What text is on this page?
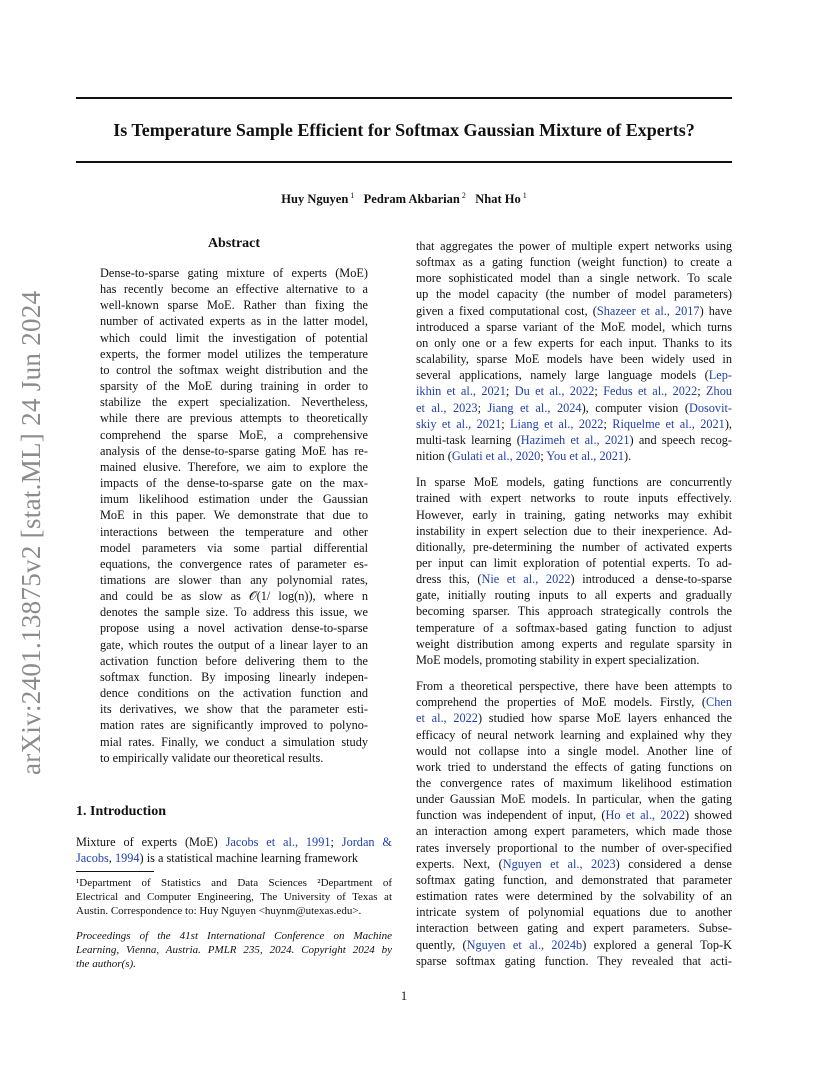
Is Temperature Sample Efficient for Softmax Gaussian Mixture of Experts?
Huy Nguyen $^1$ Pedram Akbarian $^2$ Nhat Ho $^1$
arXiv:2401.13875v2 [stat.ML] 24 Jun 2024
Abstract
Dense-to-sparse gating mixture of experts (MoE)
has recently become an effective alternative to a
well-known sparse MoE. Rather than fixing the
number of activated experts as in the latter model,
which could limit the investigation of potential
experts, the former model utilizes the temperature
to control the softmax weight distribution and the
sparsity of the MoE during training in order to
stabilize the expert specialization. Nevertheless,
while there are previous attempts to theoretically
comprehend the sparse MoE, a comprehensive
analysis of the dense-to-sparse gating MoE has re-
mained elusive. Therefore, we aim to explore the
impacts of the dense-to-sparse gate on the max-
imum likelihood estimation under the Gaussian
MoE in this paper. We demonstrate that due to
interactions between the temperature and other
model parameters via some partial differential
equations, the convergence rates of parameter es-
timations are slower than any polynomial rates,
and could be as slow as 𝒪(1/ log(n)), where n
denotes the sample size. To address this issue, we
propose using a novel activation dense-to-sparse
gate, which routes the output of a linear layer to an
activation function before delivering them to the
softmax function. By imposing linearly indepen-
dence conditions on the activation function and
its derivatives, we show that the parameter esti-
mation rates are significantly improved to polyno-
mial rates. Finally, we conduct a simulation study
to empirically validate our theoretical results.
1. Introduction
Mixture of experts (MoE) Jacobs et al., 1991; Jordan &
Jacobs, 1994) is a statistical machine learning framework
¹Department of Statistics and Data Sciences ²Department of
Electrical and Computer Engineering, The University of Texas at
Austin. Correspondence to: Huy Nguyen <huynm@utexas.edu>.
Proceedings of the 41st International Conference on Machine
Learning, Vienna, Austria. PMLR 235, 2024. Copyright 2024 by
the author(s).
1
that aggregates the power of multiple expert networks using
softmax as a gating function (weight function) to create a
more sophisticated model than a single network. To scale
up the model capacity (the number of model parameters)
given a fixed computational cost, (Shazeer et al., 2017) have
introduced a sparse variant of the MoE model, which turns
on only one or a few experts for each input. Thanks to its
scalability, sparse MoE models have been widely used in
several applications, namely large language models (Lep-
ikhin et al., 2021; Du et al., 2022; Fedus et al., 2022; Zhou
et al., 2023; Jiang et al., 2024), computer vision (Dosovit-
skiy et al., 2021; Liang et al., 2022; Riquelme et al., 2021),
multi-task learning (Hazimeh et al., 2021) and speech recog-
nition (Gulati et al., 2020; You et al., 2021).
In sparse MoE models, gating functions are concurrently
trained with expert networks to route inputs effectively.
However, early in training, gating networks may exhibit
instability in expert selection due to their inexperience. Ad-
ditionally, pre-determining the number of activated experts
per input can limit exploration of potential experts. To ad-
dress this, (Nie et al., 2022) introduced a dense-to-sparse
gate, initially routing inputs to all experts and gradually
becoming sparser. This approach strategically controls the
temperature of a softmax-based gating function to adjust
weight distribution among experts and regulate sparsity in
MoE models, promoting stability in expert specialization.
From a theoretical perspective, there have been attempts to
comprehend the properties of MoE models. Firstly, (Chen
et al., 2022) studied how sparse MoE layers enhanced the
efficacy of neural network learning and explained why they
would not collapse into a single model. Another line of
work tried to understand the effects of gating functions on
the convergence rates of maximum likelihood estimation
under Gaussian MoE models. In particular, when the gating
function was independent of input, (Ho et al., 2022) showed
an interaction among expert parameters, which made those
rates inversely proportional to the number of over-specified
experts. Next, (Nguyen et al., 2023) considered a dense
softmax gating function, and demonstrated that parameter
estimation rates were determined by the solvability of an
intricate system of polynomial equations due to another
interaction between gating and expert parameters. Subse-
quently, (Nguyen et al., 2024b) explored a general Top-K
sparse softmax gating function. They revealed that acti-
